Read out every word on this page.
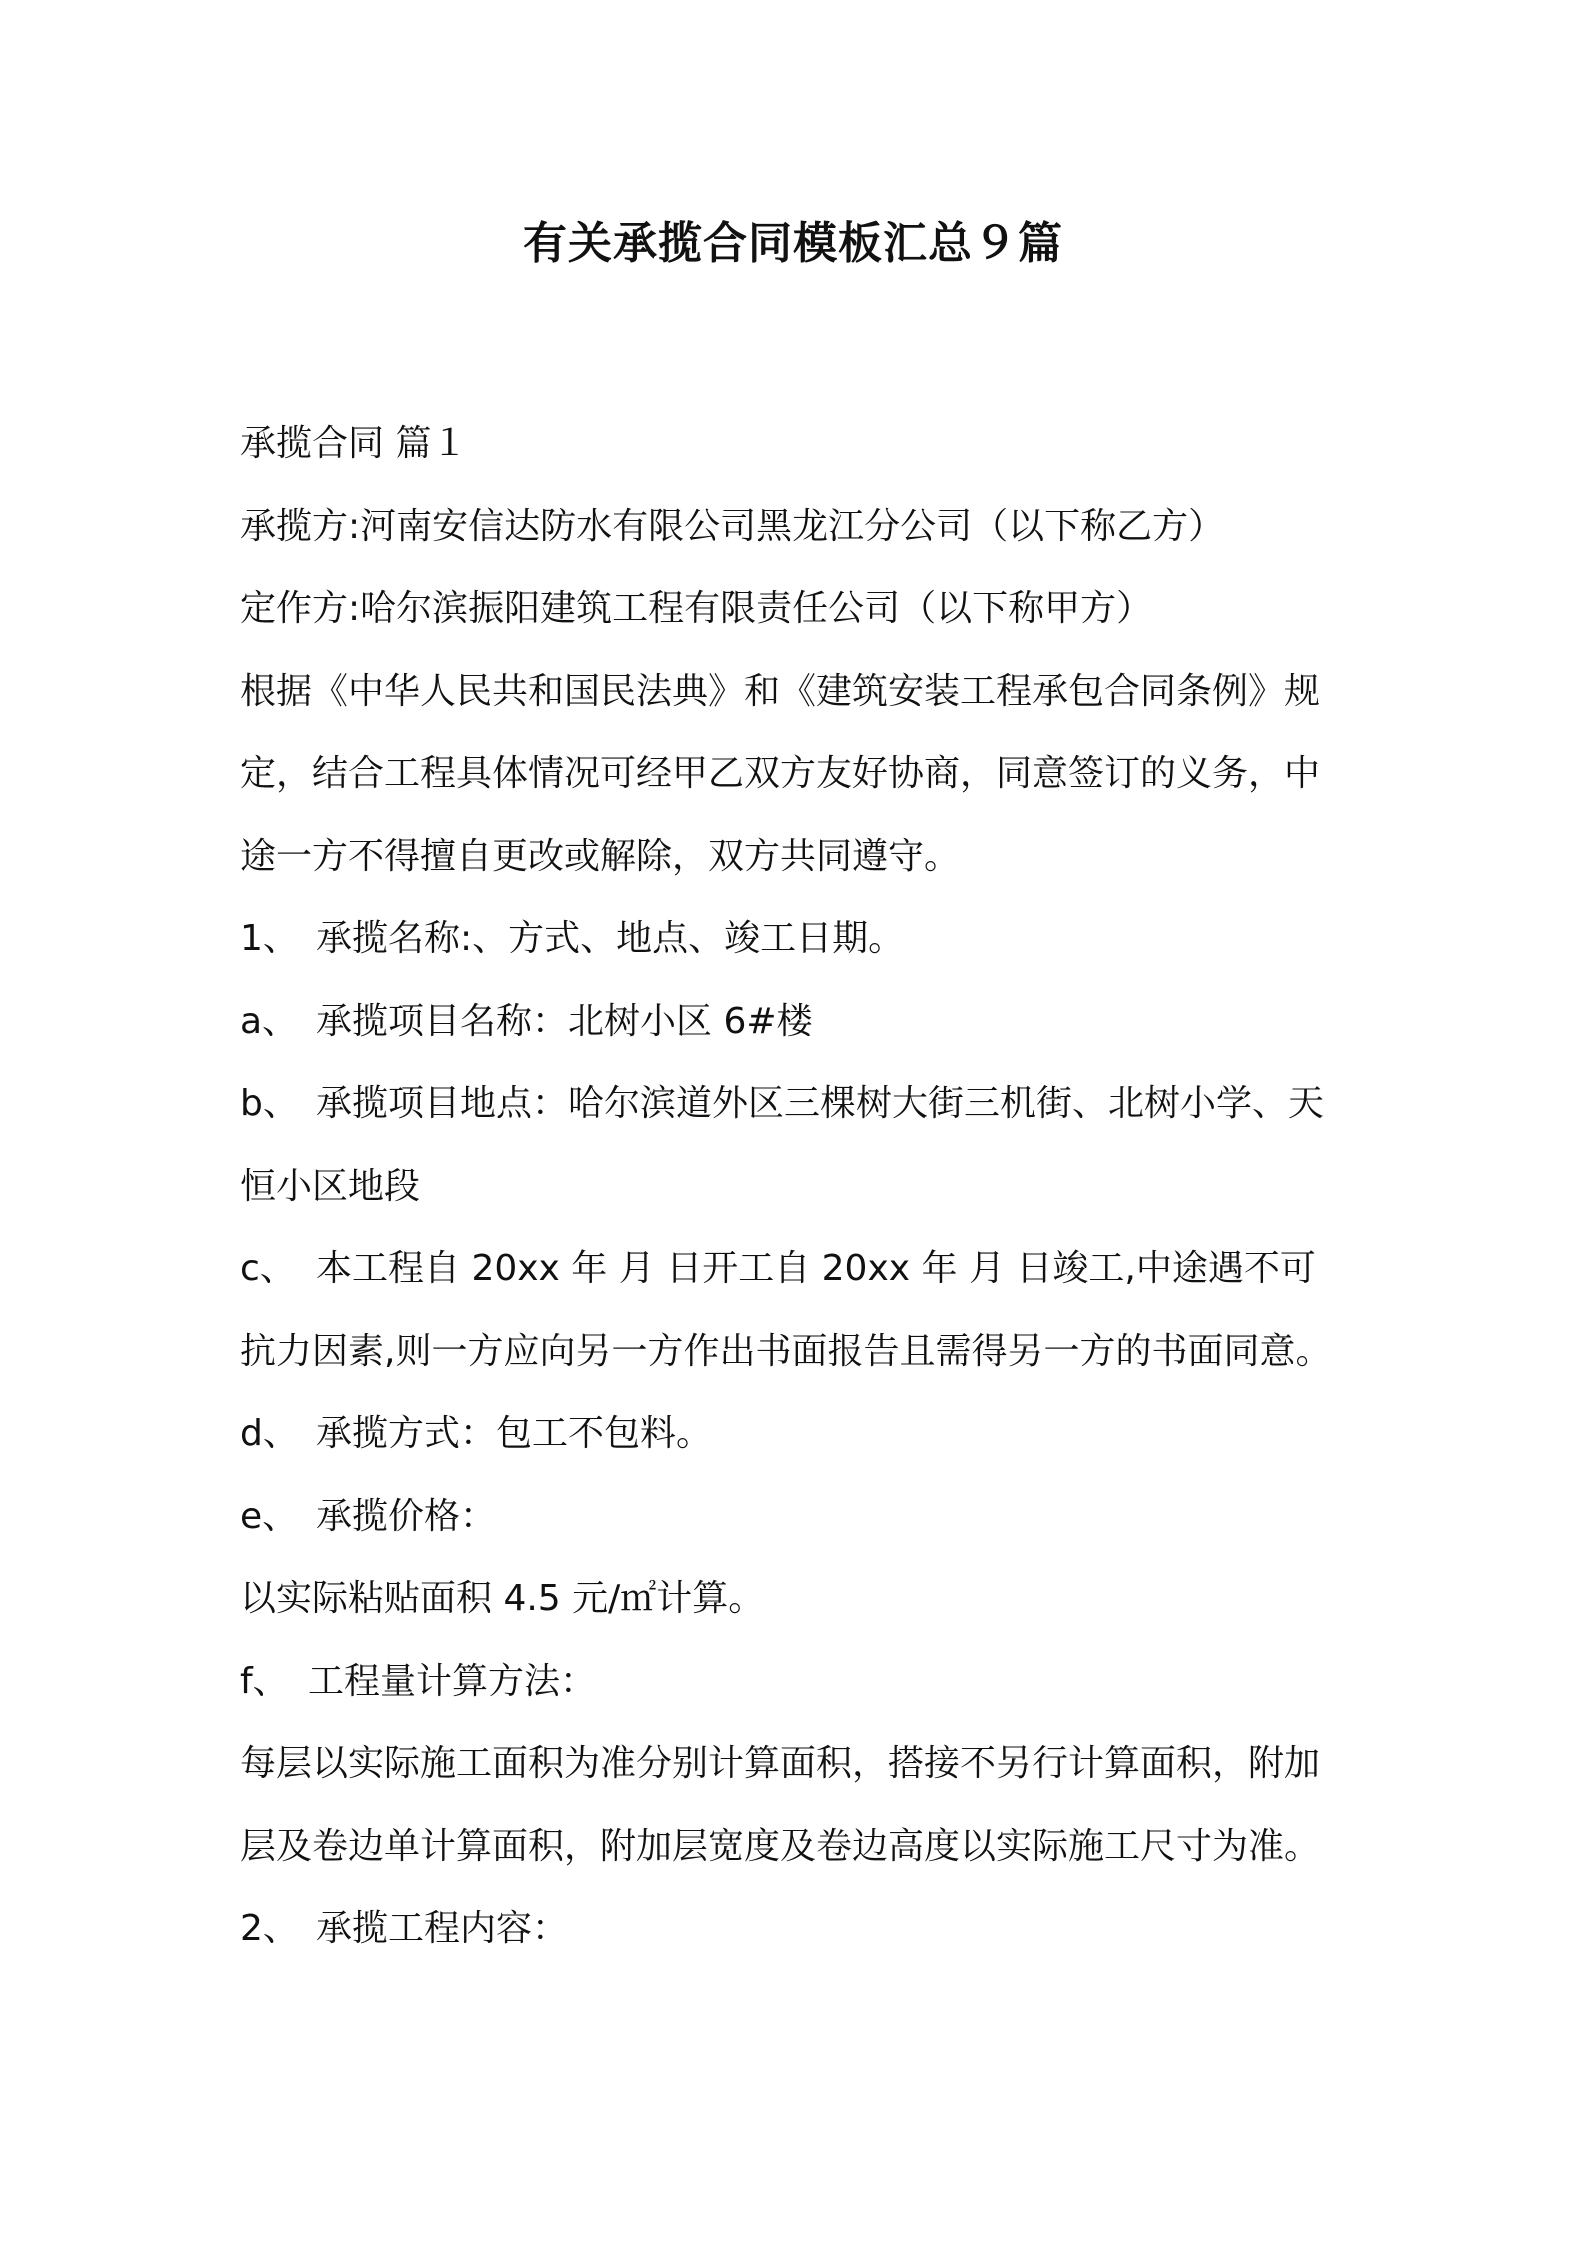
有关承揽合同模板汇总９篇

承揽合同 篇１

承揽方:河南安信达防水有限公司黑龙江分公司（以下称乙方）

定作方:哈尔滨振阳建筑工程有限责任公司（以下称甲方）

根据《中华人民共和国民法典》和《建筑安装工程承包合同条例》规

定，结合工程具体情况可经甲乙双方友好协商，同意签订的义务，中

途一方不得擅自更改或解除，双方共同遵守。

1、 承揽名称:、方式、地点、竣工日期。

a、 承揽项目名称：北树小区 6#楼

b、 承揽项目地点：哈尔滨道外区三棵树大街三机街、北树小学、天

恒小区地段

c、 本工程自 20xx 年 月 日开工自 20xx 年 月 日竣工,中途遇不可

抗力因素,则一方应向另一方作出书面报告且需得另一方的书面同意。

d、 承揽方式：包工不包料。

e、 承揽价格：

以实际粘贴面积 4.5 元/㎡计算。

f、 工程量计算方法：

每层以实际施工面积为准分别计算面积，搭接不另行计算面积，附加

层及卷边单计算面积，附加层宽度及卷边高度以实际施工尺寸为准。

2、 承揽工程内容：
